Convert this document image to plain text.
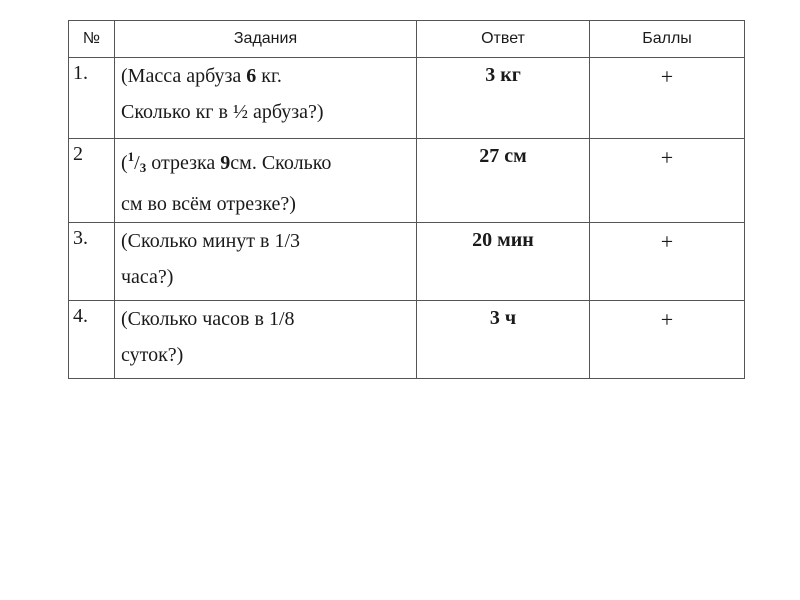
№	Задания	Ответ	Баллы
1.	(Масса арбуза 6 кг.
Сколько кг в ½ арбуза?)	3 кг	+
2	($^1$/3 отрезка 9см. Сколько
см во всём отрезке?)	27 см	+
3.	(Сколько минут в 1/3
часа?)	20 мин	+
4.	(Сколько часов в 1/8
суток?)	3 ч	+
